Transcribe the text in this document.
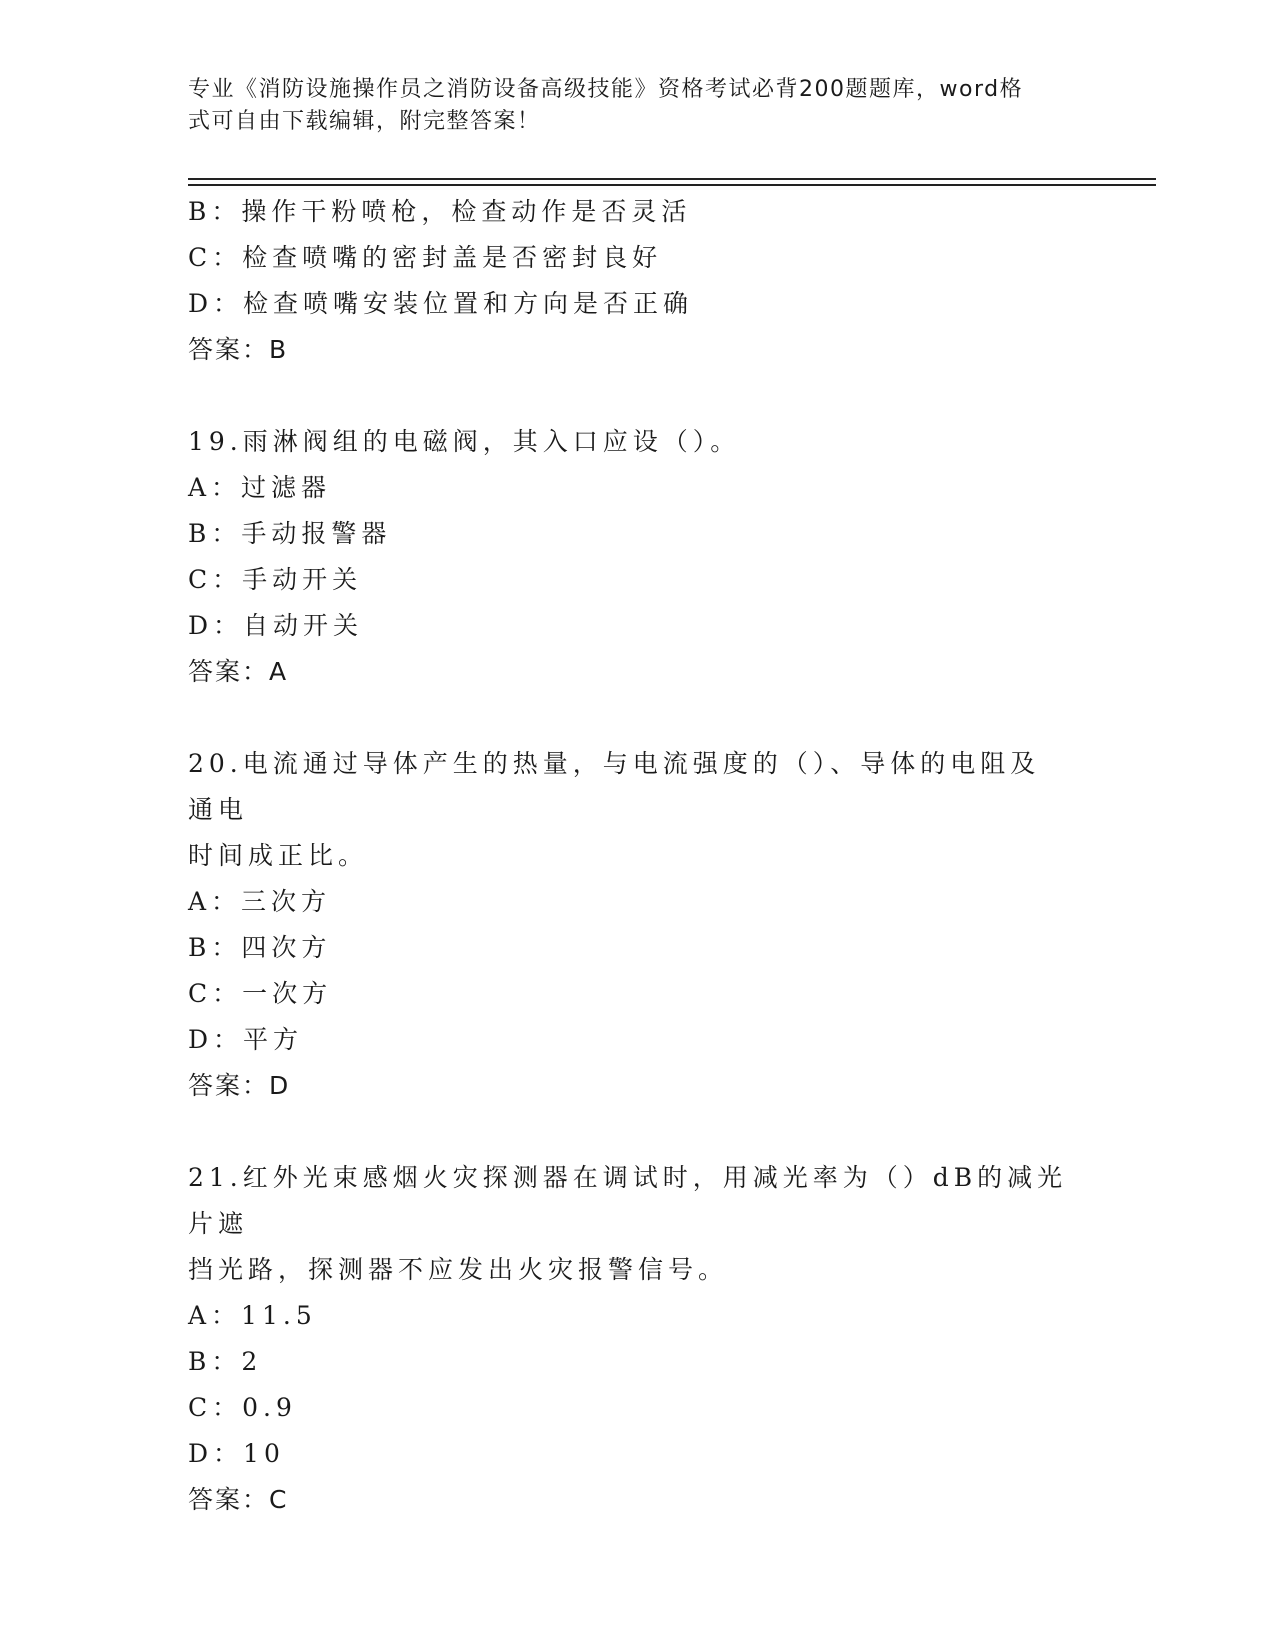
专业《消防设施操作员之消防设备高级技能》资格考试必背200题题库，word格
式可自由下载编辑，附完整答案！
B：操作干粉喷枪，检查动作是否灵活
C：检查喷嘴的密封盖是否密封良好
D：检查喷嘴安装位置和方向是否正确
答案：B
19.雨淋阀组的电磁阀，其入口应设（）。
A：过滤器
B：手动报警器
C：手动开关
D：自动开关
答案：A
20.电流通过导体产生的热量，与电流强度的（）、导体的电阻及通电
时间成正比。
A：三次方
B：四次方
C：一次方
D：平方
答案：D
21.红外光束感烟火灾探测器在调试时，用减光率为（）dB的减光片遮
挡光路，探测器不应发出火灾报警信号。
A：11.5
B：2
C：0.9
D：10
答案：C
